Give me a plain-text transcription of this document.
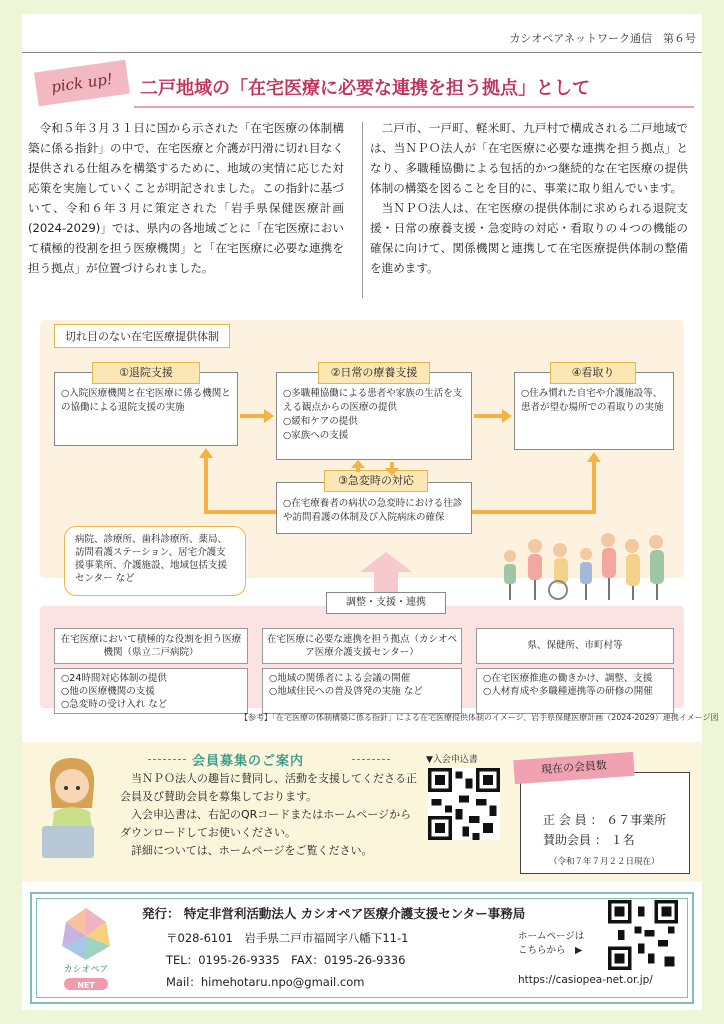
カシオペアネットワーク通信　第６号
pick up!	二戸地域の「在宅医療に必要な連携を担う拠点」として

令和５年３月３１日に国から示された「在宅医療の体制構築に係る指針」の中で、在宅医療と介護が円滑に切れ目なく提供される仕組みを構築するために、地域の実情に応じた対応策を実施していくことが明記されました。この指針に基づいて、令和６年３月に策定された「岩手県保健医療計画(2024-2029)」では、県内の各地域ごとに「在宅医療において積極的役割を担う医療機関」と「在宅医療に必要な連携を担う拠点」が位置づけられました。

二戸市、一戸町、軽米町、九戸村で構成される二戸地域では、当ＮＰＯ法人が「在宅医療に必要な連携を担う拠点」となり、多職種協働による包括的かつ継続的な在宅医療の提供体制の構築を図ることを目的に、事業に取り組んでいます。

当ＮＰＯ法人は、在宅医療の提供体制に求められる退院支援・日常の療養支援・急変時の対応・看取りの４つの機能の確保に向けて、関係機関と連携して在宅医療提供体制の整備を進めます。

切れ目のない在宅医療提供体制
○入院医療機関と在宅医療に係る機関との協働による退院支援の実施
①退院支援
○多職種協働による患者や家族の生活を支える観点からの医療の提供
○緩和ケアの提供
○家族への支援
②日常の療養支援
○住み慣れた自宅や介護施設等、患者が望む場所での看取りの実施
④看取り
○在宅療養者の病状の急変時における往診や訪問看護の体制及び入院病床の確保
③急変時の対応
病院、診療所、歯科診療所、薬局、訪問看護ステーション、居宅介護支援事業所、介護施設、地域包括支援センター など
調整・支援・連携
在宅医療において積極的な役割を担う医療機関（県立二戸病院）
○24時間対応体制の提供
○他の医療機関の支援
○急変時の受け入れ など
在宅医療に必要な連携を担う拠点（カシオペア医療介護支援センター）
○地域の関係者による会議の開催
○地域住民への普及啓発の実施 など
県、保健所、市町村等
○在宅医療推進の働きかけ、調整、支援
○人材育成や多職種連携等の研修の開催
【参考】「在宅医療の体制構築に係る指針」による在宅医療提供体制のイメージ、岩手県保健医療計画（2024-2029）連携イメージ図
会員募集のご案内

当ＮＰＯ法人の趣旨に賛同し、活動を支援してくださる正会員及び賛助会員を募集しております。

入会申込書は、右記のQRコードまたはホームページからダウンロードしてお使いください。

詳細については、ホームページをご覧ください。

▼入会申込書
正 会 員 ： ６７事業所
賛助会員 ： １名
（令和７年７月２２日現在）
現在の会員数
カシオペア
NET
発行： 特定非営利活動法人 カシオペア医療介護支援センター事務局
〒028-6101　岩手県二戸市福岡字八幡下11-1
TEL：0195-26-9335　FAX：0195-26-9336
Mail：himehotaru.npo@gmail.com
ホームページは
こちらから　▶
https://casiopea-net.or.jp/
